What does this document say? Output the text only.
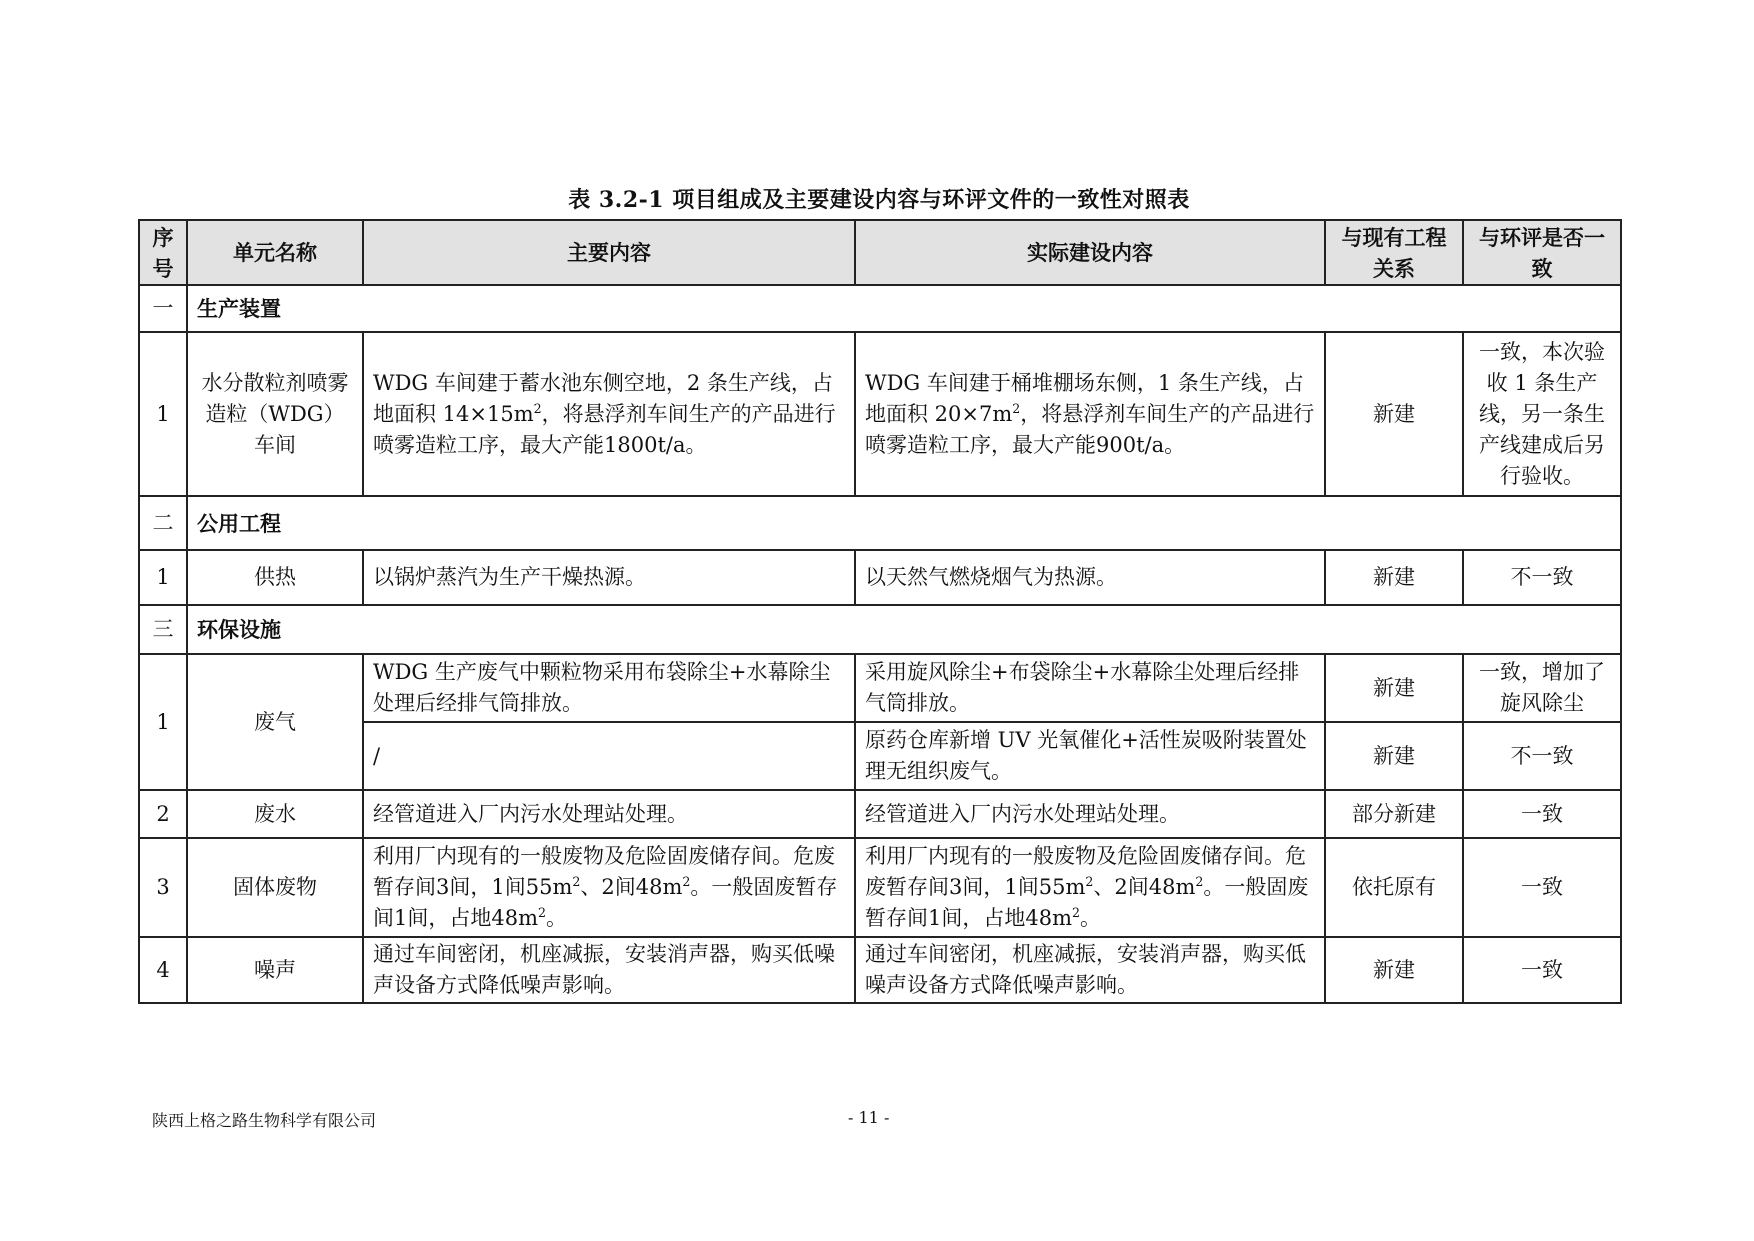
表 3.2-1 项目组成及主要建设内容与环评文件的一致性对照表
序号	单元名称	主要内容	实际建设内容	与现有工程关系	与环评是否一致
一	生产装置				
1	水分散粒剂喷雾造粒（WDG）车间	WDG 车间建于蓄水池东侧空地，2 条生产线，占地面积 $14\times 15m^2$，将悬浮剂车间生产的产品进行喷雾造粒工序，最大产能1800t/a。	WDG 车间建于桶堆棚场东侧，1 条生产线，占地面积 $20\times 7m^2$，将悬浮剂车间生产的产品进行喷雾造粒工序，最大产能900t/a。	新建	一致，本次验收 1 条生产线，另一条生产线建成后另行验收。
二	公用工程				
1	供热	以锅炉蒸汽为生产干燥热源。	以天然气燃烧烟气为热源。	新建	不一致
三	环保设施				
1	废气	WDG 生产废气中颗粒物采用布袋除尘+水幕除尘处理后经排气筒排放。	采用旋风除尘+布袋除尘+水幕除尘处理后经排气筒排放。	新建	一致，增加了旋风除尘
		/	原药仓库新增 UV 光氧催化+活性炭吸附装置处理无组织废气。	新建	不一致
2	废水	经管道进入厂内污水处理站处理。	经管道进入厂内污水处理站处理。	部分新建	一致
3	固体废物	利用厂内现有的一般废物及危险固废储存间。危废暂存间3间，1间$55m^2$、2间$48m^2$。一般固废暂存间1间，占地$48m^2$。	利用厂内现有的一般废物及危险固废储存间。危废暂存间3间，1间$55m^2$、2间$48m^2$。一般固废暂存间1间，占地$48m^2$。	依托原有	一致
4	噪声	通过车间密闭，机座减振，安装消声器，购买低噪声设备方式降低噪声影响。	通过车间密闭，机座减振，安装消声器，购买低噪声设备方式降低噪声影响。	新建	一致
陕西上格之路生物科学有限公司	- 11 -
